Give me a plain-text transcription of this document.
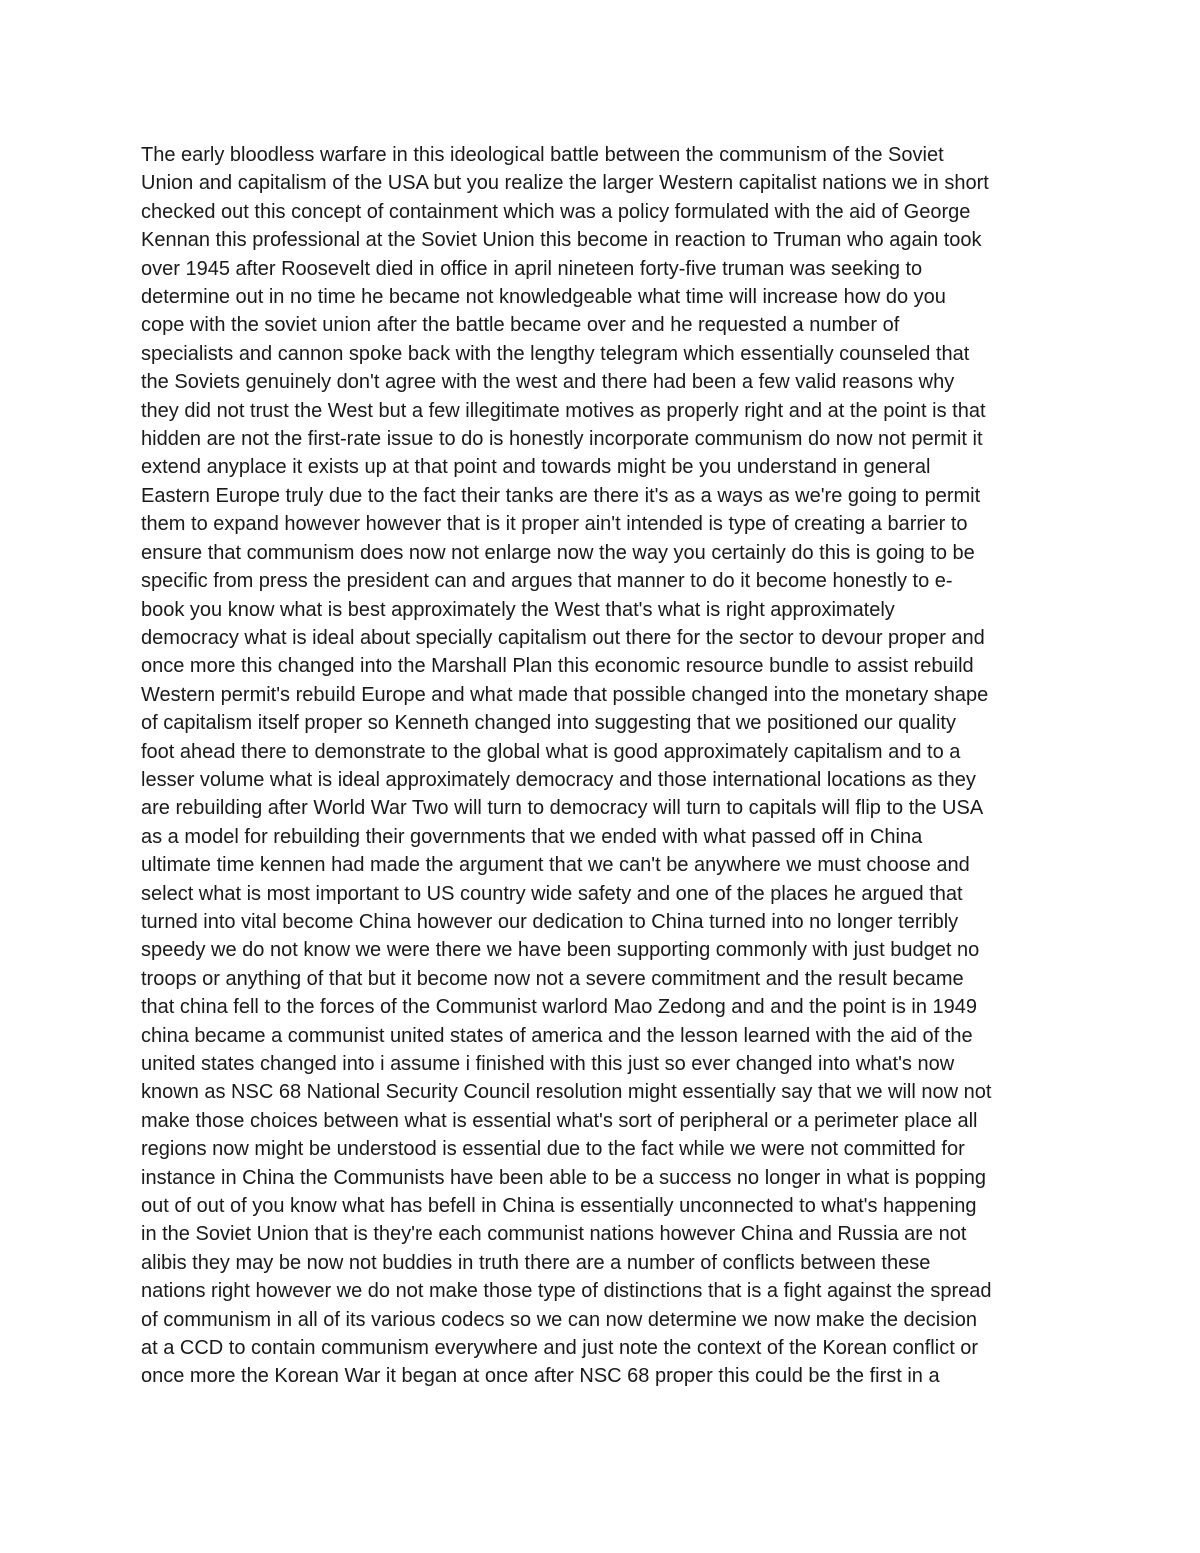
The early bloodless warfare in this ideological battle between the communism of the Soviet
Union and capitalism of the USA but you realize the larger Western capitalist nations we in short
checked out this concept of containment which was a policy formulated with the aid of George
Kennan this professional at the Soviet Union this become in reaction to Truman who again took
over 1945 after Roosevelt died in office in april nineteen forty-five truman was seeking to
determine out in no time he became not knowledgeable what time will increase how do you
cope with the soviet union after the battle became over and he requested a number of
specialists and cannon spoke back with the lengthy telegram which essentially counseled that
the Soviets genuinely don't agree with the west and there had been a few valid reasons why
they did not trust the West but a few illegitimate motives as properly right and at the point is that
hidden are not the first-rate issue to do is honestly incorporate communism do now not permit it
extend anyplace it exists up at that point and towards might be you understand in general
Eastern Europe truly due to the fact their tanks are there it's as a ways as we're going to permit
them to expand however however that is it proper ain't intended is type of creating a barrier to
ensure that communism does now not enlarge now the way you certainly do this is going to be
specific from press the president can and argues that manner to do it become honestly to e-
book you know what is best approximately the West that's what is right approximately
democracy what is ideal about specially capitalism out there for the sector to devour proper and
once more this changed into the Marshall Plan this economic resource bundle to assist rebuild
Western permit's rebuild Europe and what made that possible changed into the monetary shape
of capitalism itself proper so Kenneth changed into suggesting that we positioned our quality
foot ahead there to demonstrate to the global what is good approximately capitalism and to a
lesser volume what is ideal approximately democracy and those international locations as they
are rebuilding after World War Two will turn to democracy will turn to capitals will flip to the USA
as a model for rebuilding their governments that we ended with what passed off in China
ultimate time kennen had made the argument that we can't be anywhere we must choose and
select what is most important to US country wide safety and one of the places he argued that
turned into vital become China however our dedication to China turned into no longer terribly
speedy we do not know we were there we have been supporting commonly with just budget no
troops or anything of that but it become now not a severe commitment and the result became
that china fell to the forces of the Communist warlord Mao Zedong and and the point is in 1949
china became a communist united states of america and the lesson learned with the aid of the
united states changed into i assume i finished with this just so ever changed into what's now
known as NSC 68 National Security Council resolution might essentially say that we will now not
make those choices between what is essential what's sort of peripheral or a perimeter place all
regions now might be understood is essential due to the fact while we were not committed for
instance in China the Communists have been able to be a success no longer in what is popping
out of out of you know what has befell in China is essentially unconnected to what's happening
in the Soviet Union that is they're each communist nations however China and Russia are not
alibis they may be now not buddies in truth there are a number of conflicts between these
nations right however we do not make those type of distinctions that is a fight against the spread
of communism in all of its various codecs so we can now determine we now make the decision
at a CCD to contain communism everywhere and just note the context of the Korean conflict or
once more the Korean War it began at once after NSC 68 proper this could be the first in a
